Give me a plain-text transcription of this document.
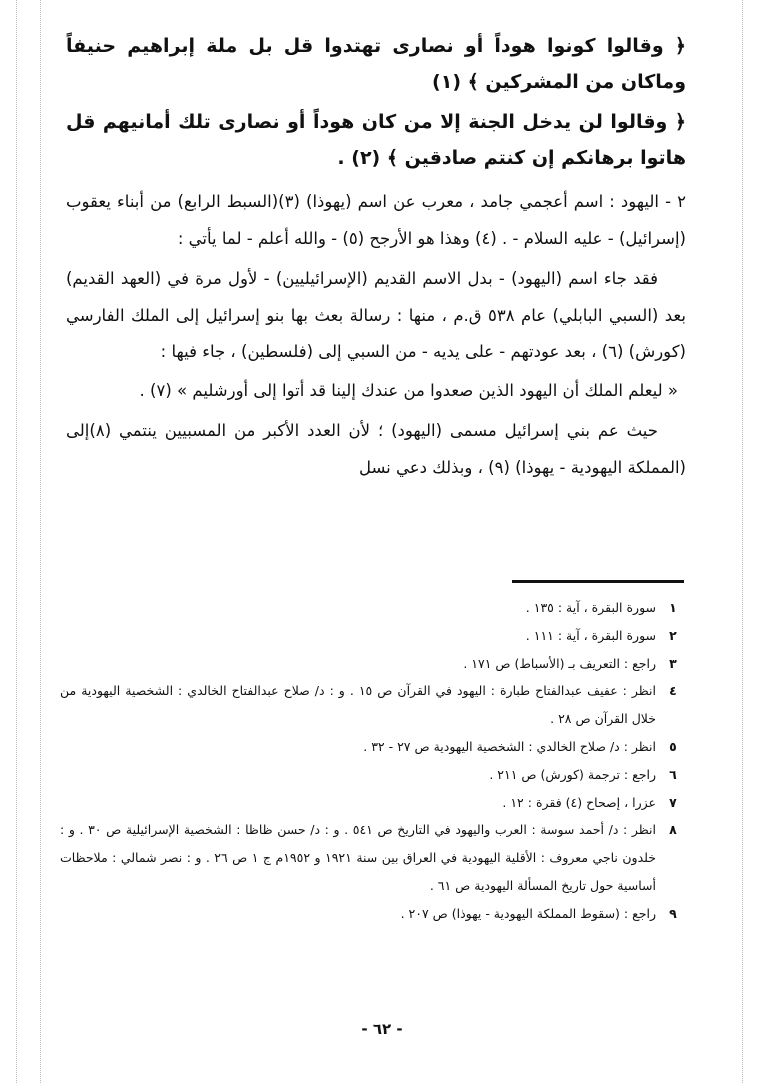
﴿ وقالوا كونوا هوداً أو نصارى تهتدوا قل بل ملة إبراهيم حنيفاً وماكان من المشركين ﴾ (١)

﴿ وقالوا لن يدخل الجنة إلا من كان هوداً أو نصارى تلك أمانيهم قل هاتوا برهانكم إن كنتم صادقين ﴾ (٢) .

٢ - اليهود : اسم أعجمي جامد ، معرب عن اسم (يهوذا) (٣)(السبط الرابع) من أبناء يعقوب (إسرائيل) - عليه السلام - . (٤) وهذا هو الأرجح (٥) - والله أعلم - لما يأتي :

فقد جاء اسم (اليهود) - بدل الاسم القديم (الإسرائيليين) - لأول مرة في (العهد القديم) بعد (السبي البابلي) عام ٥٣٨ ق.م ، منها : رسالة بعث بها بنو إسرائيل إلى الملك الفارسي (كورش) (٦) ، بعد عودتهم - على يديه - من السبي إلى (فلسطين) ، جاء فيها :

« ليعلم الملك أن اليهود الذين صعدوا من عندك إلينا قد أتوا إلى أورشليم » (٧) .

حيث عم بني إسرائيل مسمى (اليهود) ؛ لأن العدد الأكبر من المسبيين ينتمي (٨)إلى (المملكة اليهودية - يهوذا) (٩) ، وبذلك دعي نسل

١
سورة البقرة ، آية : ١٣٥ .
٢
سورة البقرة ، آية : ١١١ .
٣
راجع : التعريف بـ (الأسباط) ص ١٧١ .
٤
انظر : عفيف عبدالفتاح طبارة : اليهود في القرآن ص ١٥ . و : د/ صلاح عبدالفتاح الخالدي : الشخصية اليهودية من خلال القرآن ص ٢٨ .
٥
انظر : د/ صلاح الخالدي : الشخصية اليهودية ص ٢٧ - ٣٢ .
٦
راجع : ترجمة (كورش) ص ٢١١ .
٧
عزرا ، إصحاح (٤) فقرة : ١٢ .
٨
انظر : د/ أحمد سوسة : العرب واليهود في التاريخ ص ٥٤١ . و : د/ حسن ظاظا : الشخصية الإسرائيلية ص ٣٠ . و : خلدون ناجي معروف : الأقلية اليهودية في العراق بين سنة ١٩٢١ و ١٩٥٢م ج ١ ص ٢٦ . و : نصر شمالي : ملاحظات أساسية حول تاريخ المسألة اليهودية ص ٦١ .
٩
راجع : (سقوط المملكة اليهودية - يهوذا) ص ٢٠٧ .
- ٦٢ -
